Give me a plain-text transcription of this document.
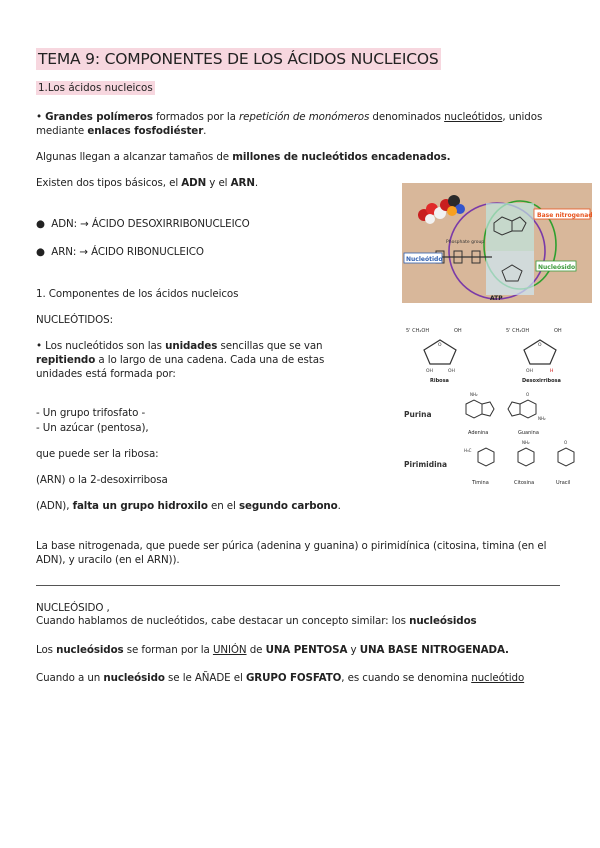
TEMA 9: COMPONENTES DE LOS ÁCIDOS NUCLEICOS
1.Los ácidos nucleicos
• Grandes polímeros formados por la repetición de monómeros denominados nucleótidos, unidos
mediante enlaces fosfodiéster.
Algunas llegan a alcanzar tamaños de millones de nucleótidos encadenados.
Existen dos tipos básicos, el ADN y el ARN.
● ADN: → ÁCIDO DESOXIRRIBONUCLEICO
● ARN: → ÁCIDO RIBONUCLEICO
1. Componentes de los ácidos nucleicos
NUCLEÓTIDOS:
• Los nucleótidos son las unidades sencillas que se van
repitiendo a lo largo de una cadena. Cada una de estas
unidades está formada por:
- Un grupo trifosfato -
- Un azúcar (pentosa),
que puede ser la ribosa:
(ARN) o la 2-desoxirribosa
(ADN), falta un grupo hidroxilo en el segundo carbono.
La base nitrogenada, que puede ser púrica (adenina y guanina) o pirimidínica (citosina, timina (en el
ADN), y uracilo (en el ARN)).
NUCLEÓSIDO ,
Cuando hablamos de nucleótidos, cabe destacar un concepto similar: los nucleósidos
Los nucleósidos se forman por la UNIÓN de UNA PENTOSA y UNA BASE NITROGENADA.
Cuando a un nucleósido se le AÑADE el GRUPO FOSFATO, es cuando se denomina nucleótido
Phosphate group
Base nitrogenada
Nucleótido
Nucleósido
ATP
5' CH₂OH	OH
O
OH	OH
Ribosa
5' CH₂OH	OH
O
OH	H
Desoxirribosa
Purina
Pirimidina
NH₂
Adenina
O
NH₂
Guanina
H₃C
Timina
NH₂
Citosina
O
Uracil
